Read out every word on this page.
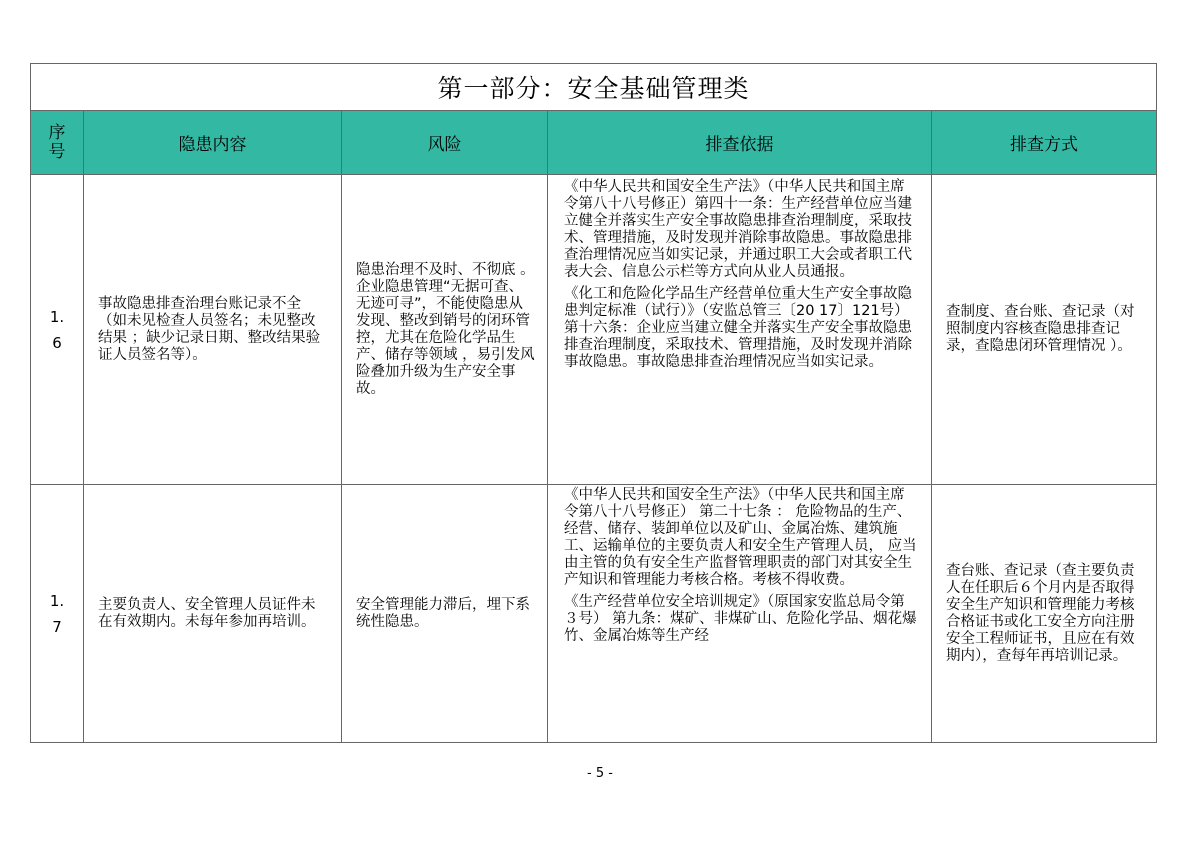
第一部分：安全基础管理类				
序号	隐患内容	风险	排查依据	排查方式
1.6	事故隐患排查治理台账记录不全（如未见检查人员签名；未见整改结果 ；缺少记录日期、整改结果验证人员签名等）。	隐患治理不及时、不彻底 。企业隐患管理“无据可查、无迹可寻”，不能使隐患从发现、整改到销号的闭环管控，尤其在危险化学品生产、储存等领域 ，易引发风险叠加升级为生产安全事故。	《中华人民共和国安全生产法》（中华人民共和国主席令第八十八号修正）第四十一条：生产经营单位应当建立健全并落实生产安全事故隐患排查治理制度，采取技术、管理措施，及时发现并消除事故隐患。事故隐患排查治理情况应当如实记录，并通过职工大会或者职工代表大会、信息公示栏等方式向从业人员通报。

《化工和危险化学品生产经营单位重大生产安全事故隐患判定标准（试行）》（安监总管三〔20 17〕121号） 第十六条：企业应当建立健全并落实生产安全事故隐患排查治理制度，采取技术、管理措施，及时发现并消除事故隐患。事故隐患排查治理情况应当如实记录。	查制度、查台账、查记录（对照制度内容核查隐患排查记录，查隐患闭环管理情况 ）。

1.7	主要负责人、安全管理人员证件未在有效期内。未每年参加再培训。	安全管理能力滞后，埋下系统性隐患。	《中华人民共和国安全生产法》（中华人民共和国主席令第八十八号修正） 第二十七条 ： 危险物品的生产、经营、储存、装卸单位以及矿山、金属冶炼、建筑施工、运输单位的主要负责人和安全生产管理人员， 应当由主管的负有安全生产监督管理职责的部门对其安全生产知识和管理能力考核合格。考核不得收费。

《生产经营单位安全培训规定》（原国家安监总局令第３号） 第九条：煤矿、非煤矿山、危险化学品、烟花爆竹、金属冶炼等生产经	查台账、查记录（查主要负责人在任职后６个月内是否取得安全生产知识和管理能力考核合格证书或化工安全方向注册安全工程师证书，且应在有效期内），查每年再培训记录。
- 5 -
